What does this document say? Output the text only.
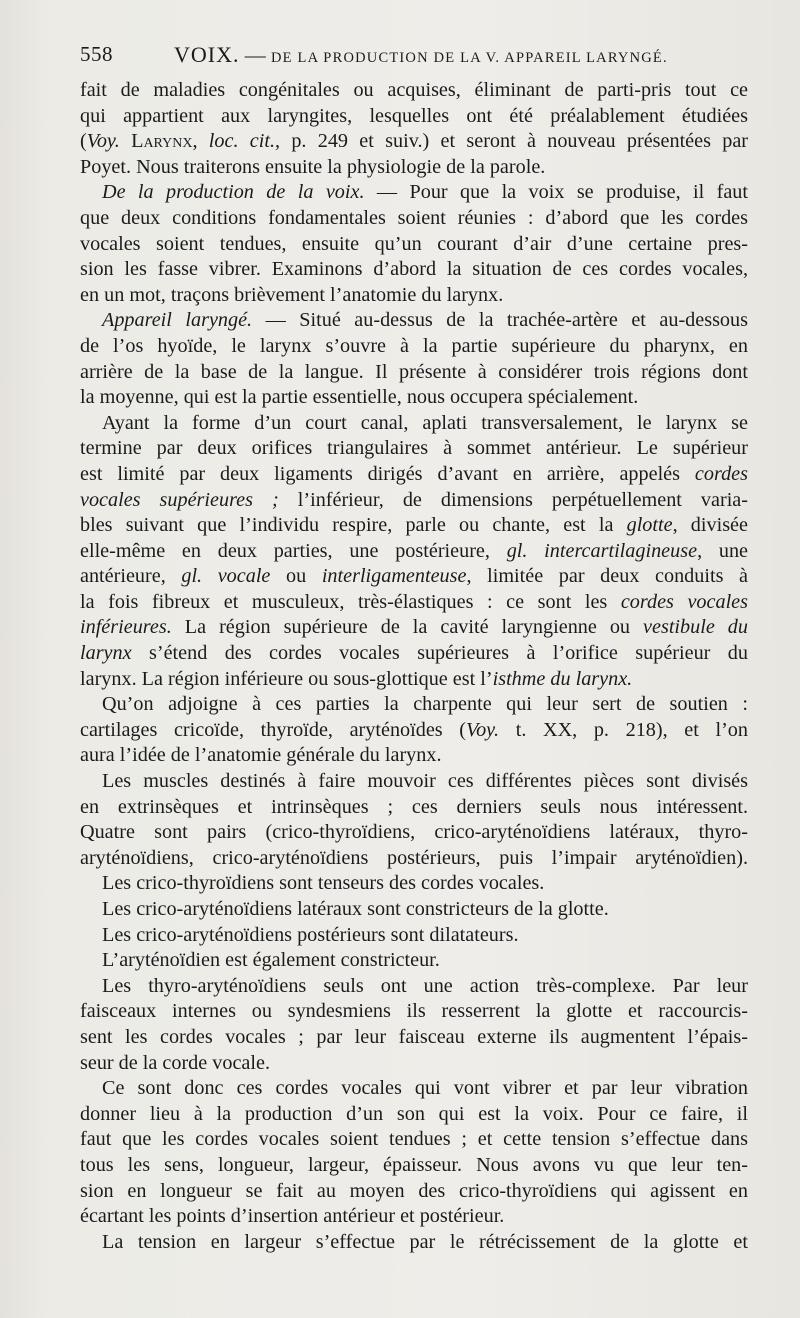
558	VOIX. — DE LA PRODUCTION DE LA V. APPAREIL LARYNGÉ.
fait de maladies congénitales ou acquises, éliminant de parti-pris tout ce
qui appartient aux laryngites, lesquelles ont été préalablement étudiées
(Voy. Larynx, loc. cit., p. 249 et suiv.) et seront à nouveau présentées par
Poyet. Nous traiterons ensuite la physiologie de la parole.
De la production de la voix. — Pour que la voix se produise, il faut
que deux conditions fondamentales soient réunies : d’abord que les cordes
vocales soient tendues, ensuite qu’un courant d’air d’une certaine pres-
sion les fasse vibrer. Examinons d’abord la situation de ces cordes vocales,
en un mot, traçons brièvement l’anatomie du larynx.
Appareil laryngé. — Situé au-dessus de la trachée-artère et au-dessous
de l’os hyoïde, le larynx s’ouvre à la partie supérieure du pharynx, en
arrière de la base de la langue. Il présente à considérer trois régions dont
la moyenne, qui est la partie essentielle, nous occupera spécialement.
Ayant la forme d’un court canal, aplati transversalement, le larynx se
termine par deux orifices triangulaires à sommet antérieur. Le supérieur
est limité par deux ligaments dirigés d’avant en arrière, appelés cordes
vocales supérieures ; l’inférieur, de dimensions perpétuellement varia-
bles suivant que l’individu respire, parle ou chante, est la glotte, divisée
elle-même en deux parties, une postérieure, gl. intercartilagineuse, une
antérieure, gl. vocale ou interligamenteuse, limitée par deux conduits à
la fois fibreux et musculeux, très-élastiques : ce sont les cordes vocales
inférieures. La région supérieure de la cavité laryngienne ou vestibule du
larynx s’étend des cordes vocales supérieures à l’orifice supérieur du
larynx. La région inférieure ou sous-glottique est l’isthme du larynx.
Qu’on adjoigne à ces parties la charpente qui leur sert de soutien :
cartilages cricoïde, thyroïde, aryténoïdes (Voy. t. XX, p. 218), et l’on
aura l’idée de l’anatomie générale du larynx.
Les muscles destinés à faire mouvoir ces différentes pièces sont divisés
en extrinsèques et intrinsèques ; ces derniers seuls nous intéressent.
Quatre sont pairs (crico-thyroïdiens, crico-aryténoïdiens latéraux, thyro-
aryténoïdiens, crico-aryténoïdiens postérieurs, puis l’impair aryténoïdien).
Les crico-thyroïdiens sont tenseurs des cordes vocales.
Les crico-aryténoïdiens latéraux sont constricteurs de la glotte.
Les crico-aryténoïdiens postérieurs sont dilatateurs.
L’aryténoïdien est également constricteur.
Les thyro-aryténoïdiens seuls ont une action très-complexe. Par leur
faisceaux internes ou syndesmiens ils resserrent la glotte et raccourcis-
sent les cordes vocales ; par leur faisceau externe ils augmentent l’épais-
seur de la corde vocale.
Ce sont donc ces cordes vocales qui vont vibrer et par leur vibration
donner lieu à la production d’un son qui est la voix. Pour ce faire, il
faut que les cordes vocales soient tendues ; et cette tension s’effectue dans
tous les sens, longueur, largeur, épaisseur. Nous avons vu que leur ten-
sion en longueur se fait au moyen des crico-thyroïdiens qui agissent en
écartant les points d’insertion antérieur et postérieur.
La tension en largeur s’effectue par le rétrécissement de la glotte et
